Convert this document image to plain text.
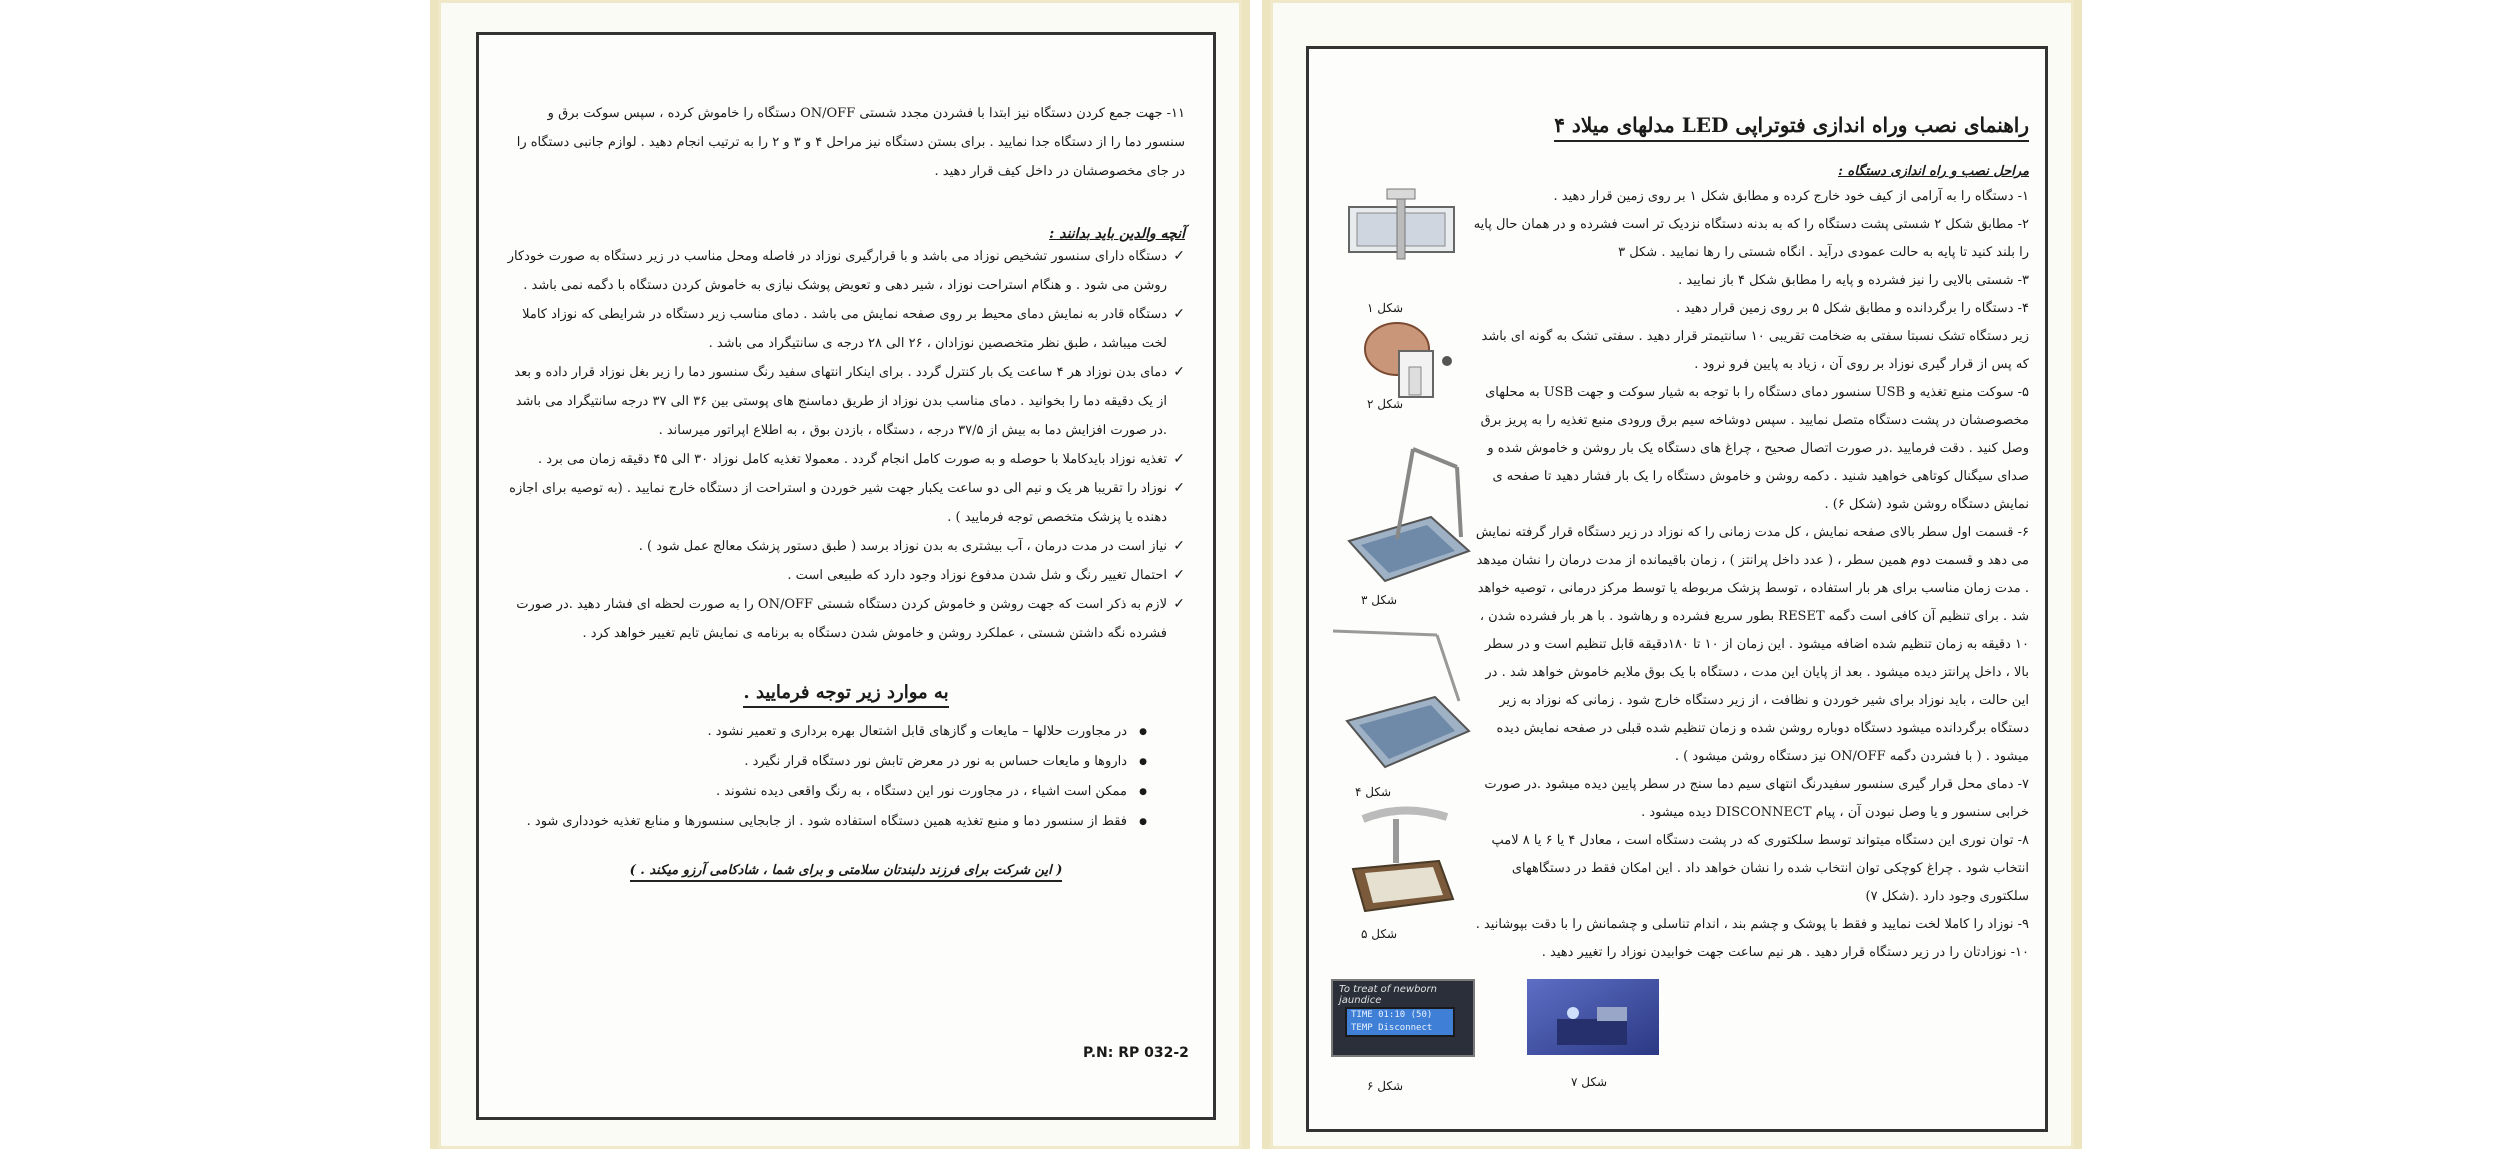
۱۱- جهت جمع کردن دستگاه نیز ابتدا با فشردن مجدد شستی ON/OFF دستگاه را خاموش کرده ، سپس سوکت برق و سنسور دما را از دستگاه جدا نمایید . برای بستن دستگاه نیز مراحل ۴ و ۳ و ۲ را به ترتیب انجام دهید . لوازم جانبی دستگاه را در جای مخصوصشان در داخل کیف قرار دهید .

آنچه والدین باید بدانند :

✓ دستگاه دارای سنسور تشخیص نوزاد می باشد و با قرارگیری نوزاد در فاصله ومحل مناسب در زیر دستگاه به صورت خودکار روشن می شود . و هنگام استراحت نوزاد ، شیر دهی و تعویض پوشک نیازی به خاموش کردن دستگاه با دگمه نمی باشد .
✓ دستگاه قادر به نمایش دمای محیط بر روی صفحه نمایش می باشد . دمای مناسب زیر دستگاه در شرایطی که نوزاد کاملا لخت میباشد ، طبق نظر متخصصین نوزادان ، ۲۶ الی ۲۸ درجه ی سانتیگراد می باشد .
✓ دمای بدن نوزاد هر ۴ ساعت یک بار کنترل گردد . برای اینکار انتهای سفید رنگ سنسور دما را زیر بغل نوزاد قرار داده و بعد از یک دقیقه دما را بخوانید . دمای مناسب بدن نوزاد از طریق دماسنج های پوستی بین ۳۶ الی ۳۷ درجه سانتیگراد می باشد .در صورت افزایش دما به بیش از ۳۷/۵ درجه ، دستگاه ، بازدن بوق ، به اطلاع اپراتور میرساند .
✓ تغذیه نوزاد بایدکاملا با حوصله و به صورت کامل انجام گردد . معمولا تغذیه کامل نوزاد ۳۰ الی ۴۵ دقیقه زمان می برد .
✓ نوزاد را تقریبا هر یک و نیم الی دو ساعت یکبار جهت شیر خوردن و استراحت از دستگاه خارج نمایید . (به توصیه برای اجازه دهنده یا پزشک متخصص توجه فرمایید ) .
✓ نیاز است در مدت درمان ، آب بیشتری به بدن نوزاد برسد ( طبق دستور پزشک معالج عمل شود ) .
✓ احتمال تغییر رنگ و شل شدن مدفوع نوزاد وجود دارد که طبیعی است .
✓ لازم به ذکر است که جهت روشن و خاموش کردن دستگاه شستی ON/OFF را به صورت لحظه ای فشار دهید .در صورت فشرده نگه داشتن شستی ، عملکرد روشن و خاموش شدن دستگاه به برنامه ی نمایش تایم تغییر خواهد کرد .
به موارد زیر توجه فرمایید .
● در مجاورت حلالها – مایعات و گازهای قابل اشتعال بهره برداری و تعمیر نشود .
● داروها و مایعات حساس به نور در معرض تابش نور دستگاه قرار نگیرد .
● ممکن است اشیاء ، در مجاورت نور این دستگاه ، به رنگ واقعی دیده نشوند .
● فقط از سنسور دما و منبع تغذیه همین دستگاه استفاده شود . از جابجایی سنسورها و منابع تغذیه خودداری شود .
( این شرکت برای فرزند دلبندتان سلامتی و برای شما ، شادکامی آرزو میکند . )
P.N: RP 032-2
راهنمای نصب وراه اندازی فتوتراپی LED مدلهای میلاد ۴

مراحل نصب و راه اندازی دستگاه :

۱- دستگاه را به آرامی از کیف خود خارج کرده و مطابق شکل ۱ بر روی زمین قرار دهید .

۲- مطابق شکل ۲ شستی پشت دستگاه را که به بدنه دستگاه نزدیک تر است فشرده و در همان حال پایه را بلند کنید تا پایه به حالت عمودی درآید . انگاه شستی را رها نمایید . شکل ۳

۳- شستی بالایی را نیز فشرده و پایه را مطابق شکل ۴ باز نمایید .

۴- دستگاه را برگردانده و مطابق شکل ۵ بر روی زمین قرار دهید .

زیر دستگاه تشک نسبتا سفتی به ضخامت تقریبی ۱۰ سانتیمتر قرار دهید . سفتی تشک به گونه ای باشد که پس از قرار گیری نوزاد بر روی آن ، زیاد به پایین فرو نرود .

۵- سوکت منبع تغذیه و USB سنسور دمای دستگاه را با توجه به شیار سوکت و جهت USB به محلهای مخصوصشان در پشت دستگاه متصل نمایید . سپس دوشاخه سیم برق ورودی منبع تغذیه را به پریز برق وصل کنید . دقت فرمایید .در صورت اتصال صحیح ، چراغ های دستگاه یک بار روشن و خاموش شده و صدای سیگنال کوتاهی خواهید شنید . دکمه روشن و خاموش دستگاه را یک بار فشار دهید تا صفحه ی نمایش دستگاه روشن شود (شکل ۶) .

۶- قسمت اول سطر بالای صفحه نمایش ، کل مدت زمانی را که نوزاد در زیر دستگاه قرار گرفته نمایش می دهد و قسمت دوم همین سطر ، ( عدد داخل پرانتز ) ، زمان باقیمانده از مدت درمان را نشان میدهد . مدت زمان مناسب برای هر بار استفاده ، توسط پزشک مربوطه یا توسط مرکز درمانی ، توصیه خواهد شد . برای تنظیم آن کافی است دگمه RESET بطور سریع فشرده و رهاشود . با هر بار فشرده شدن ، ۱۰ دقیقه به زمان تنظیم شده اضافه میشود . این زمان از ۱۰ تا ۱۸۰دقیقه قابل تنظیم است و در سطر بالا ، داخل پرانتز دیده میشود . بعد از پایان این مدت ، دستگاه با یک بوق ملایم خاموش خواهد شد . در این حالت ، باید نوزاد برای شیر خوردن و نظافت ، از زیر دستگاه خارج شود . زمانی که نوزاد به زیر دستگاه برگردانده میشود دستگاه دوباره روشن شده و زمان تنظیم شده قبلی در صفحه نمایش دیده میشود . ( با فشردن دگمه ON/OFF نیز دستگاه روشن میشود ) .

۷- دمای محل قرار گیری سنسور سفیدرنگ انتهای سیم دما سنج در سطر پایین دیده میشود .در صورت خرابی سنسور و یا وصل نبودن آن ، پیام DISCONNECT دیده میشود .

۸- توان نوری این دستگاه میتواند توسط سلکتوری که در پشت دستگاه است ، معادل ۴ یا ۶ یا ۸ لامپ انتخاب شود . چراغ کوچکی توان انتخاب شده را نشان خواهد داد . این امکان فقط در دستگاههای سلکتوری وجود دارد .(شکل ۷)

۹- نوزاد را کاملا لخت نمایید و فقط با پوشک و چشم بند ، اندام تناسلی و چشمانش را با دقت بپوشانید .

۱۰- نوزادتان را در زیر دستگاه قرار دهید . هر نیم ساعت جهت خوابیدن نوزاد را تغییر دهید .

شکل ۱
شکل ۲
شکل ۳
شکل ۴
شکل ۵
To treat of newborn jaundice
TIME 01:10 (50)
TEMP Disconnect
شکل ۶	شکل ۷
